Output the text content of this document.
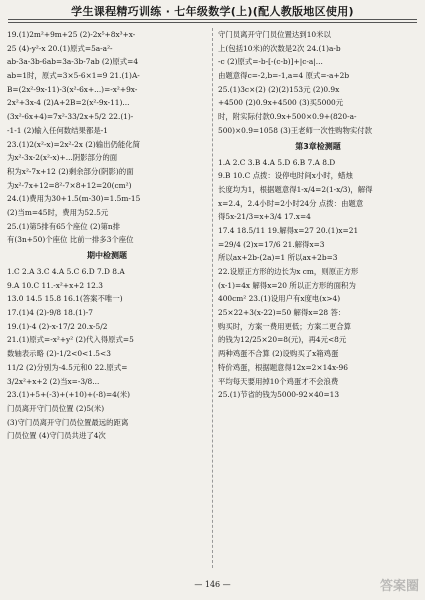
学生课程精巧训练 · 七年级数学(上)(配人教版地区使用)
19.(1)2m²+9m+25 (2)-2x⁵+8x³+x-
25 (4)-y²-x 20.(1)原式=5a-a²-
ab-3a-3b-6ab=3a-3b-7ab (2)原式=4
ab=1时，原式=3×5-6×1=9 21.(1)A-
B=(2x²-9x-11)-3(x²-6x+...)=-x²+9x-
2x²+3x-4 (2)A+2B=2(x²-9x-11)...
(3x²-6x+4)=7x²-33/2x+5/2 22.(1)-
-1-1 (2)输入任何数结果都是-1
23.(1)2(x²-x)=2x²-2x (2)输出仍能化简
为x²-3x-2(x²-x)+...阴影部分的面
积为x²-7x+12 (2)剩余部分(阴影)的面
为x²-7x+12=8²-7×8+12=20(cm²)
24.(1)费用为30+1.5(m-30)=1.5m-15
(2)当m=45时，费用为52.5元
25.(1)第5排有65个座位 (2)第n排
有(3n+50)个座位 比前一排多3个座位
期中检测题
1.C 2.A 3.C 4.A 5.C 6.D 7.D 8.A
9.A 10.C 11.-x²+x+2 12.3
13.0 14.5 15.8 16.1(答案不唯一)
17.(1)4 (2)-9/8 18.(1)-7
19.(1)-4 (2)-x-17/2 20.x-5/2
21.(1)原式=-x²+y² (2)代入得原式=5
数轴表示略 (2)-1/2<0<1.5<3
11/2 (2)分别为-4.5元和0 22.原式=
3/2x²+x+2 (2)当x=-3/8...
23.(1)+5+(-3)+(+10)+(-8)=4(米)
门员离开守门员位置 (2)5(米)
(3)守门员离开守门员位置最远的距离
门员位置 (4)守门员共进了4次
守门员离开守门员位置达到10米以
上(包括10米)的次数是2次 24.(1)a-b
-c (2)原式=-b-[-(c-b)]+|c-a|...
由题意得c=-2,b=-1,a=4 原式=-a+2b
25.(1)3c×(2) (2)(2)153元 (2)0.9x
+4500 (2)0.9x+4500 (3)买5000元
时，附实际付款0.9x+500×0.9+(820-a-
500)×0.9=1058 (3)王老师一次性购物实付款
第3章检测题
1.A 2.C 3.B 4.A 5.D 6.B 7.A 8.D
9.B 10.C 点拨：设停电时间x小时，蜡烛
长度均为1，根据题意得1-x/4=2(1-x/3)，解得
x=2.4，2.4小时=2小时24分 点拨：由题意
得5x-21/3=x+3/4 17.x=4
17.4 18.5/11 19.解得x=27 20.(1)x=21
=29/4 (2)x=17/6 21.解得x=3
所以ax+2b-(2a)=1 所以ax+2b=3
22.设原正方形的边长为x cm，则原正方形
(x-1)=4x 解得x=20 所以正方形的面积为
400cm² 23.(1)设用户有x度电(x>4)
25×22+3(x-22)=50 解得x=28 答：
购买时，方案一费用更低；方案二更合算
的钱为12/25×20=8(元)，再4元<8元
两种鸡蛋不合算 (2)设购买了x箱鸡蛋
特价鸡蛋，根据题意得12x=2×14x-96
平均每天要用掉10个鸡蛋才不会浪费
25.(1)节省的钱为5000-92×40=13
— 146 —	答案圈
